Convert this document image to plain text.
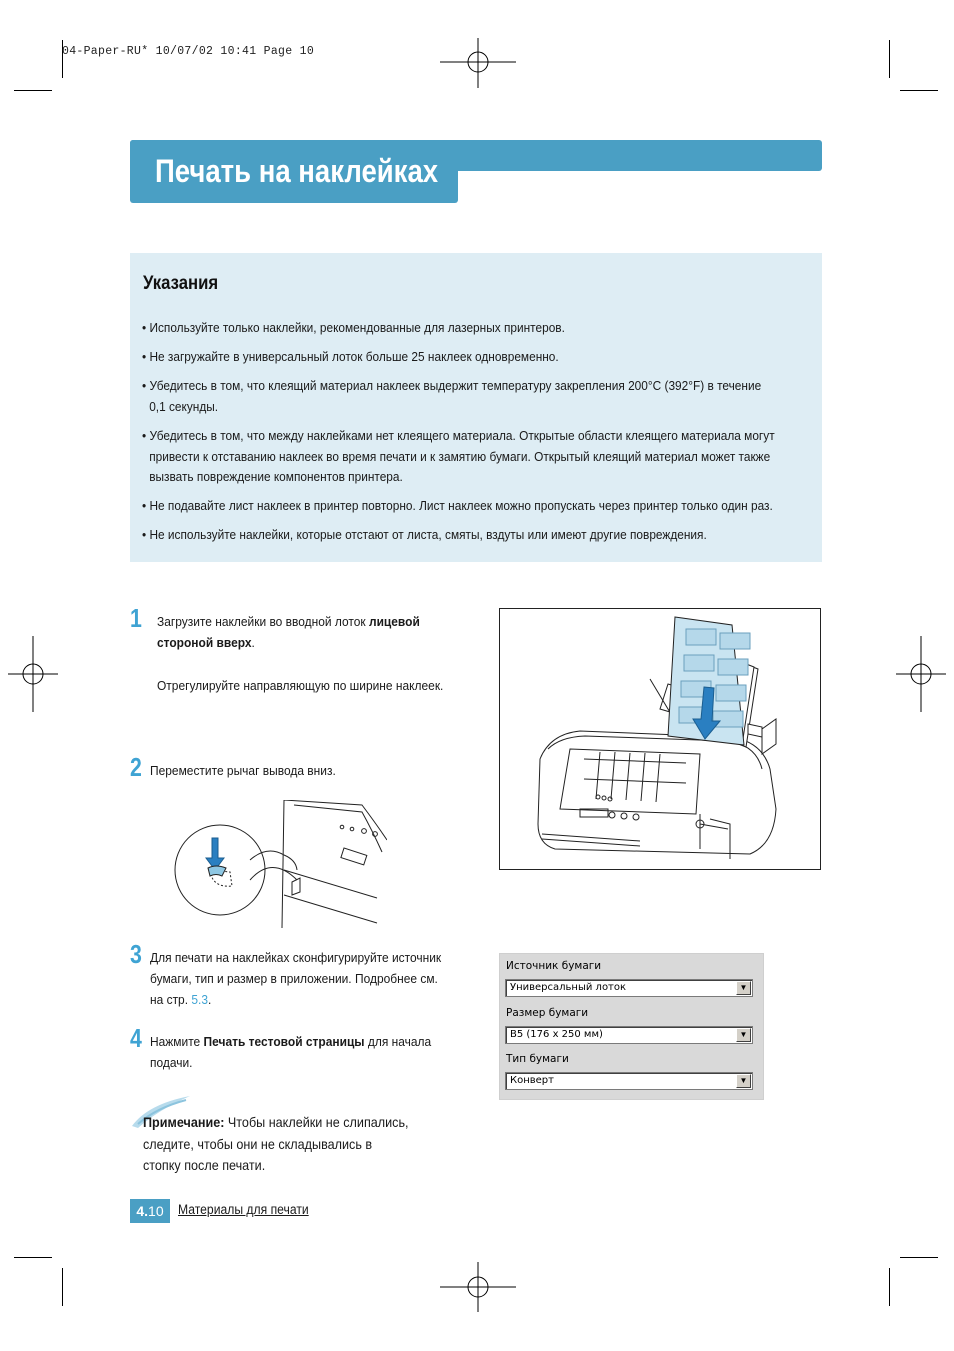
04-Paper-RU* 10/07/02 10:41 Page 10
Печать на наклейках
Указания
• Используйте только наклейки, рекомендованные для лазерных принтеров.
• Не загружайте в универсальный лоток больше 25 наклеек одновременно.
• Убедитесь в том, что клеящий материал наклеек выдержит температуру закрепления 200°C (392°F) в течение 0,1 секунды.
• Убедитесь в том, что между наклейками нет клеящего материала. Открытые области клеящего материала могут привести к отставанию наклеек во время печати и к замятию бумаги. Открытый клеящий материал может также вызвать повреждение компонентов принтера.
• Не подавайте лист наклеек в принтер повторно. Лист наклеек можно пропускать через принтер только один раз.
• Не используйте наклейки, которые отстают от листа, смяты, вздуты или имеют другие повреждения.
1 Загрузите наклейки во вводной лоток лицевой стороной вверх.
Отрегулируйте направляющую по ширине наклеек.
2 Переместите рычаг вывода вниз.
3 Для печати на наклейках сконфигурируйте источник бумаги, тип и размер в приложении. Подробнее см. на стр. 5.3.
4 Нажмите Печать тестовой страницы для начала подачи.
Источник бумаги
Универсальный лоток	▼
Размер бумаги
B5 (176 x 250 мм)	▼
Тип бумаги
Конверт	▼
Примечание: Чтобы наклейки не слипались, следите, чтобы они не складывались в стопку после печати.
4.10	Материалы для печати
